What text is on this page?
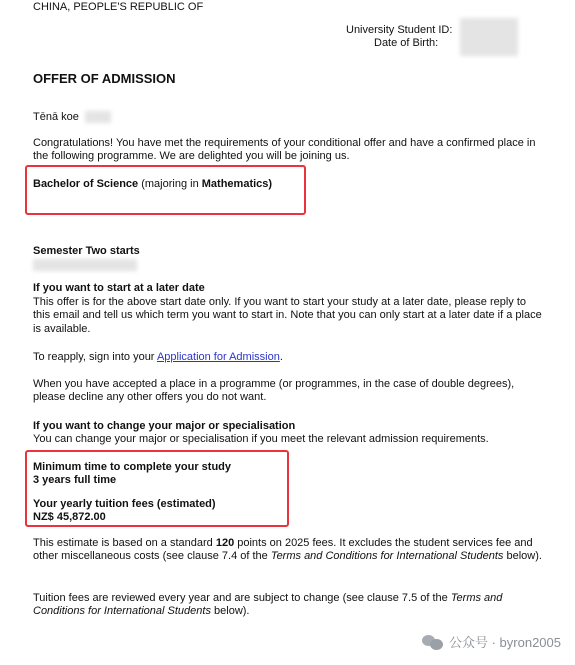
CHINA, PEOPLE'S REPUBLIC OF
University Student ID:
Date of Birth:
OFFER OF ADMISSION
Tēnā koe
Congratulations! You have met the requirements of your conditional offer and have a confirmed place in the following programme. We are delighted you will be joining us.
Bachelor of Science (majoring in Mathematics)
Semester Two starts
If you want to start at a later date
This offer is for the above start date only. If you want to start your study at a later date, please reply to this email and tell us which term you want to start in. Note that you can only start at a later date if a place is available.
To reapply, sign into your Application for Admission.
When you have accepted a place in a programme (or programmes, in the case of double degrees), please decline any other offers you do not want.
If you want to change your major or specialisation
You can change your major or specialisation if you meet the relevant admission requirements.
Minimum time to complete your study
3 years full time
Your yearly tuition fees (estimated)
NZ$ 45,872.00
This estimate is based on a standard 120 points on 2025 fees. It excludes the student services fee and other miscellaneous costs (see clause 7.4 of the Terms and Conditions for International Students below).
Tuition fees are reviewed every year and are subject to change (see clause 7.5 of the Terms and Conditions for International Students below).
公众号 · byron2005
